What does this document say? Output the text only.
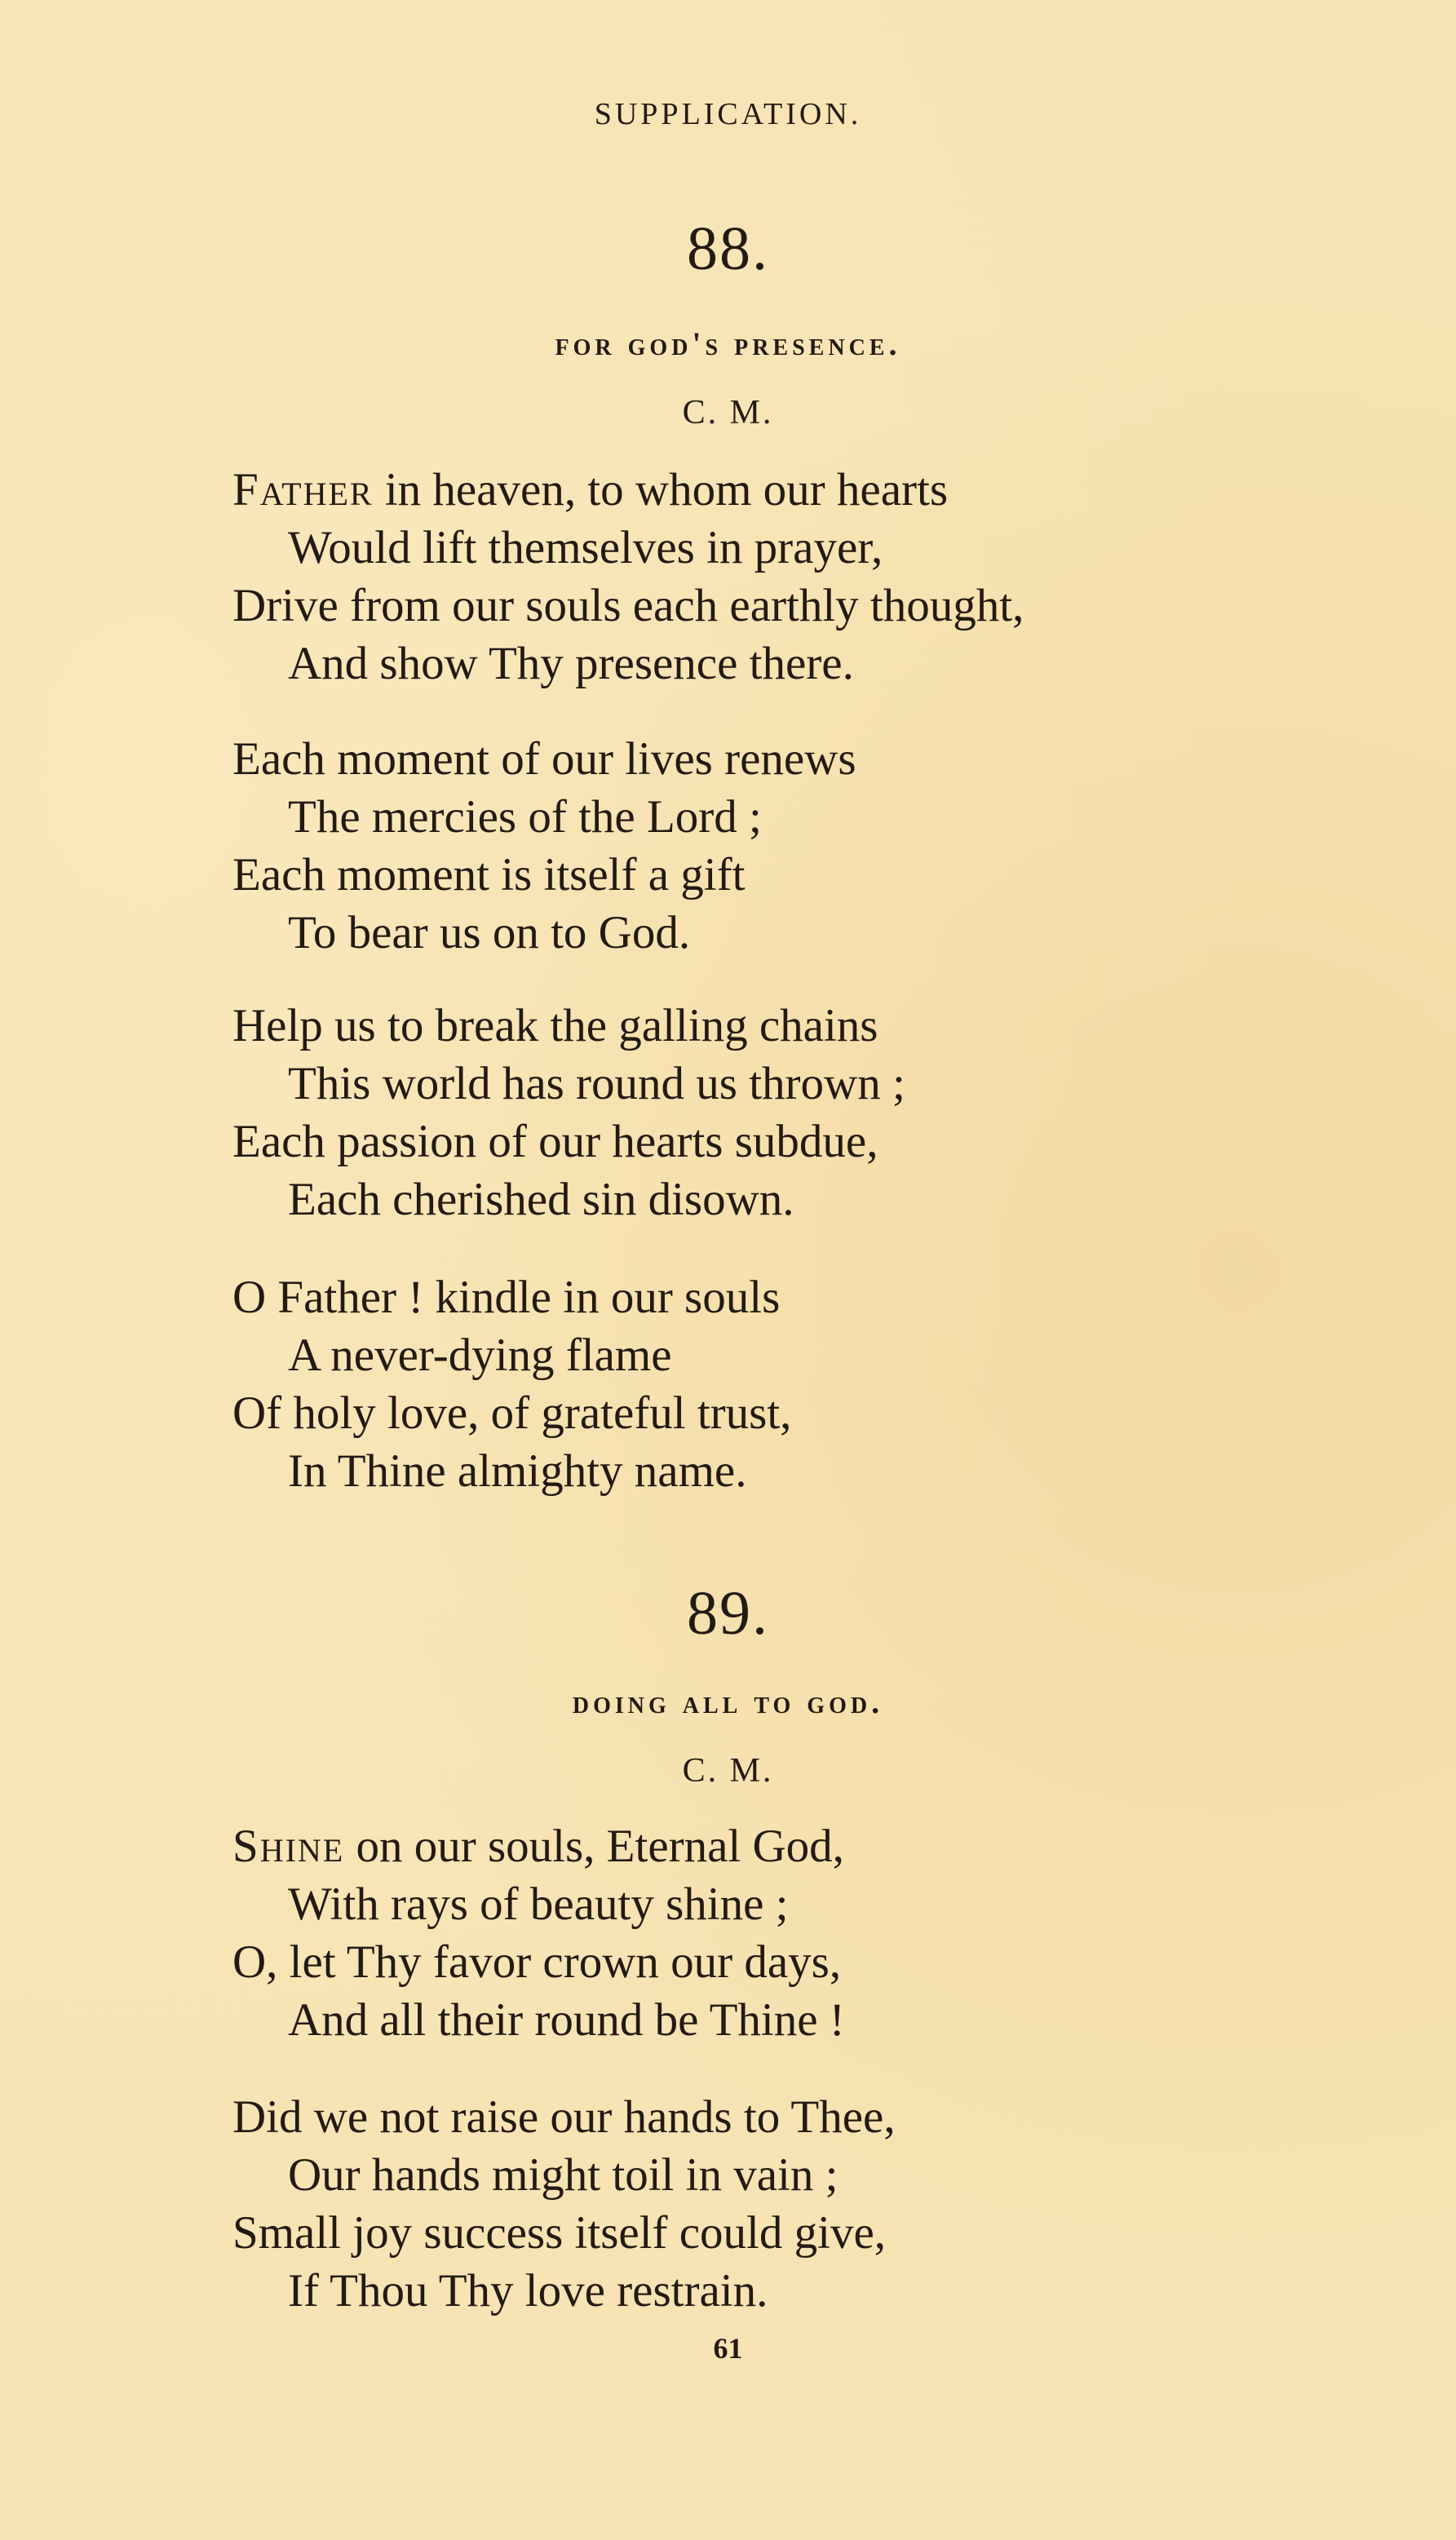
SUPPLICATION.
88.
for god's presence.
C. M.
Father in heaven, to whom our hearts
Would lift themselves in prayer,
Drive from our souls each earthly thought,
And show Thy presence there.
Each moment of our lives renews
The mercies of the Lord ;
Each moment is itself a gift
To bear us on to God.
Help us to break the galling chains
This world has round us thrown ;
Each passion of our hearts subdue,
Each cherished sin disown.
O Father ! kindle in our souls
A never-dying flame
Of holy love, of grateful trust,
In Thine almighty name.
89.
doing all to god.
C. M.
Shine on our souls, Eternal God,
With rays of beauty shine ;
O, let Thy favor crown our days,
And all their round be Thine !
Did we not raise our hands to Thee,
Our hands might toil in vain ;
Small joy success itself could give,
If Thou Thy love restrain.
61
